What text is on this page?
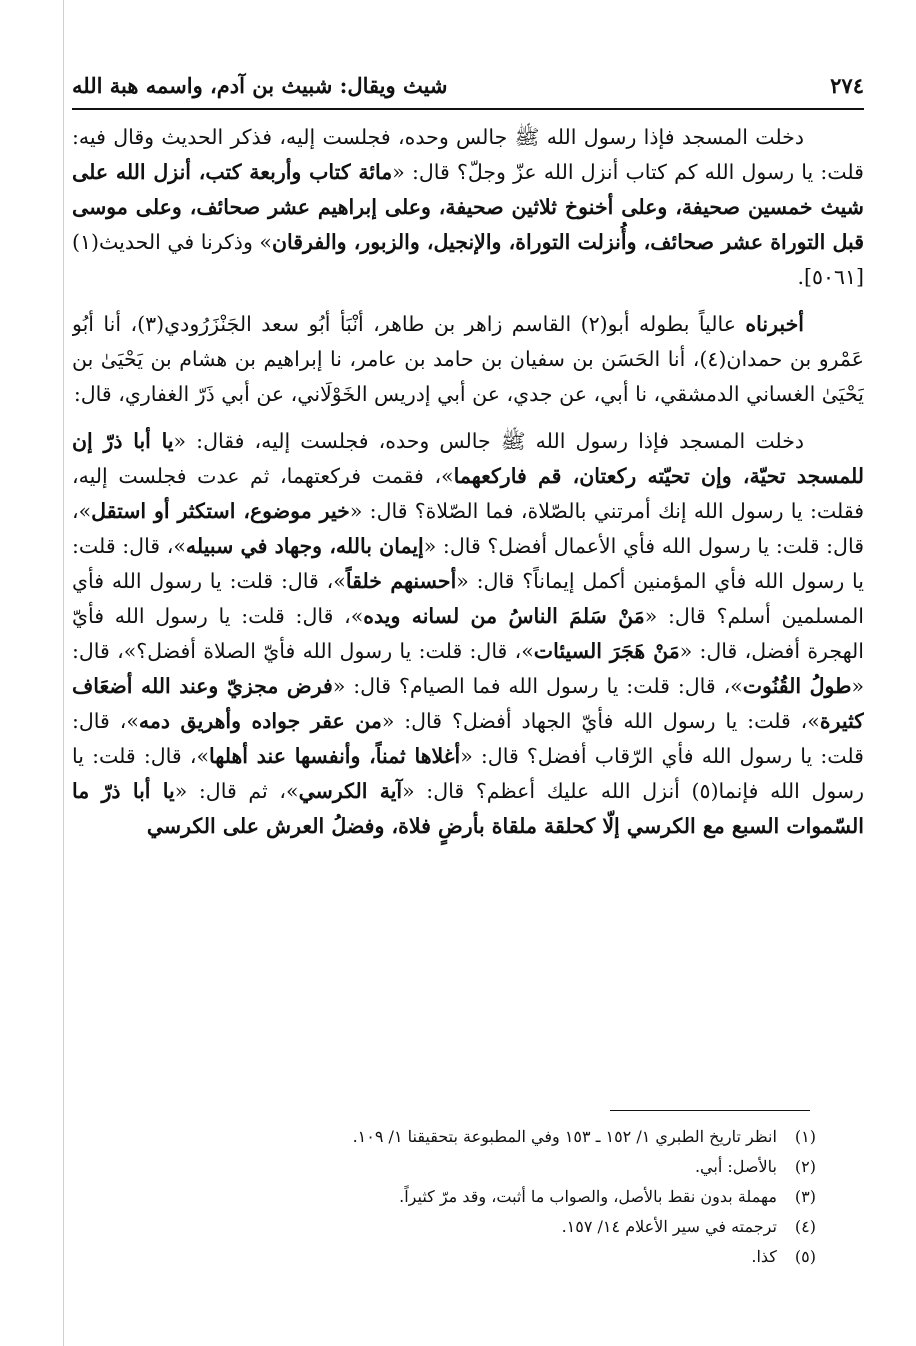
٢٧٤
شيث ويقال: شبيث بن آدم، واسمه هبة الله

دخلت المسجد فإذا رسول الله ﷺ جالس وحده، فجلست إليه، فذكر الحديث وقال فيه: قلت: يا رسول الله كم كتاب أنزل الله عزّ وجلّ؟ قال: «مائة كتاب وأربعة كتب، أنزل الله على شيث خمسين صحيفة، وعلى أخنوخ ثلاثين صحيفة، وعلى إبراهيم عشر صحائف، وعلى موسى قبل التوراة عشر صحائف، وأُنزلت التوراة، والإنجيل، والزبور، والفرقان» وذكرنا في الحديث(١)[٥٠٦١].

أخبرناه عالياً بطوله أبو(٢) القاسم زاهر بن طاهر، أنْبَأ أبُو سعد الجَنْزَرُودي(٣)، أنا أبُو عَمْرو بن حمدان(٤)، أنا الحَسَن بن سفيان بن حامد بن عامر، نا إبراهيم بن هشام بن يَحْيَىٰ بن يَحْيَىٰ الغساني الدمشقي، نا أبي، عن جدي، عن أبي إدريس الخَوْلَاني، عن أبي ذَرّ الغفاري، قال:

دخلت المسجد فإذا رسول الله ﷺ جالس وحده، فجلست إليه، فقال: «يا أبا ذرّ إن للمسجد تحيّة، وإن تحيّته ركعتان، قم فاركعهما»، فقمت فركعتهما، ثم عدت فجلست إليه، فقلت: يا رسول الله إنك أمرتني بالصّلاة، فما الصّلاة؟ قال: «خير موضوع، استكثر أو استقل»، قال: قلت: يا رسول الله فأي الأعمال أفضل؟ قال: «إيمان بالله، وجهاد في سبيله»، قال: قلت: يا رسول الله فأي المؤمنين أكمل إيماناً؟ قال: «أحسنهم خلقاً»، قال: قلت: يا رسول الله فأي المسلمين أسلم؟ قال: «مَنْ سَلمَ الناسُ من لسانه ويده»، قال: قلت: يا رسول الله فأيّ الهجرة أفضل، قال: «مَنْ هَجَرَ السيئات»، قال: قلت: يا رسول الله فأيّ الصلاة أفضل؟»، قال: «طولُ القُنُوت»، قال: قلت: يا رسول الله فما الصيام؟ قال: «فرض مجزيّ وعند الله أضعَاف كثيرة»، قلت: يا رسول الله فأيّ الجهاد أفضل؟ قال: «من عقر جواده وأهريق دمه»، قال: قلت: يا رسول الله فأي الرّقاب أفضل؟ قال: «أغلاها ثمناً، وأنفسها عند أهلها»، قال: قلت: يا رسول الله فإنما(٥) أنزل الله عليك أعظم؟ قال: «آية الكرسي»، ثم قال: «يا أبا ذرّ ما السّموات السبع مع الكرسي إلّا كحلقة ملقاة بأرضٍ فلاة، وفضلُ العرش على الكرسي

(١) انظر تاريخ الطبري ١/ ١٥٢ ـ ١٥٣ وفي المطبوعة بتحقيقنا ١/ ١٠٩.
(٢) بالأصل: أبي.
(٣) مهملة بدون نقط بالأصل، والصواب ما أثبت، وقد مرّ كثيراً.
(٤) ترجمته في سير الأعلام ١٤/ ١٥٧.
(٥) كذا.
